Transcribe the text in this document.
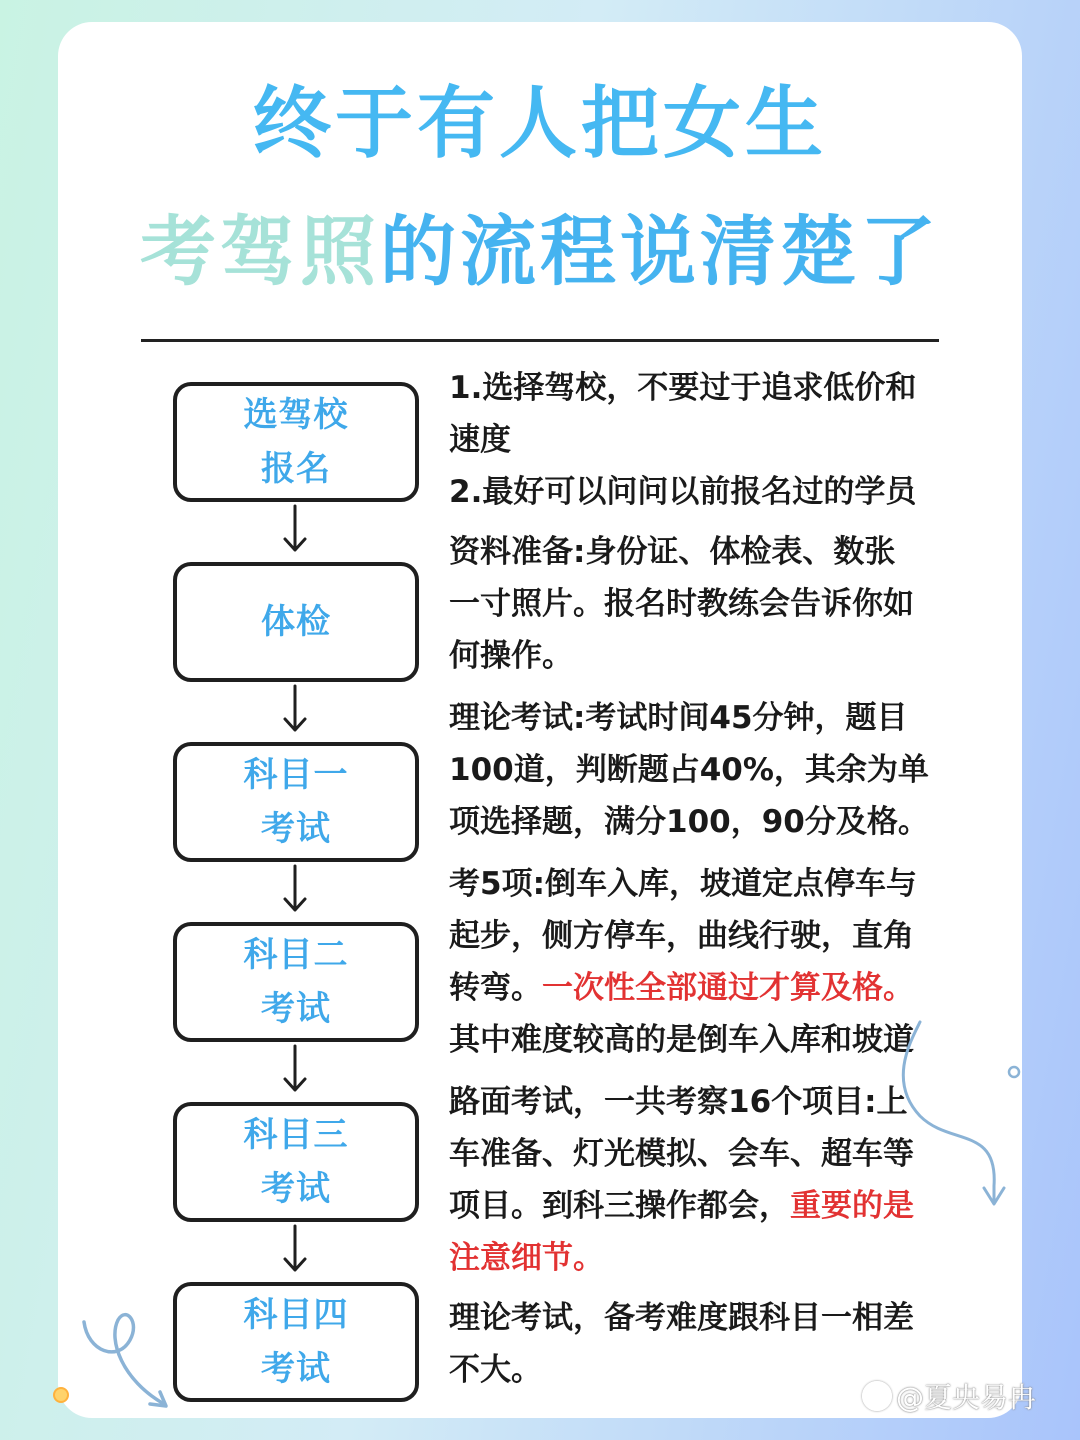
终于有人把女生
考驾照的流程说清楚了
选驾校
报名
1.选择驾校，不要过于追求低价和
速度
2.最好可以问问以前报名过的学员
体检
资料准备:身份证、体检表、数张
一寸照片。报名时教练会告诉你如
何操作。
科目一
考试
理论考试:考试时间45分钟，题目
100道，判断题占40%，其余为单
项选择题，满分100，90分及格。
科目二
考试
考5项:倒车入库，坡道定点停车与
起步，侧方停车，曲线行驶，直角
转弯。一次性全部通过才算及格。
其中难度较高的是倒车入库和坡道
科目三
考试
路面考试，一共考察16个项目:上
车准备、灯光模拟、会车、超车等
项目。到科三操作都会，重要的是
注意细节。
科目四
考试
理论考试，备考难度跟科目一相差
不大。
@夏央易冉
